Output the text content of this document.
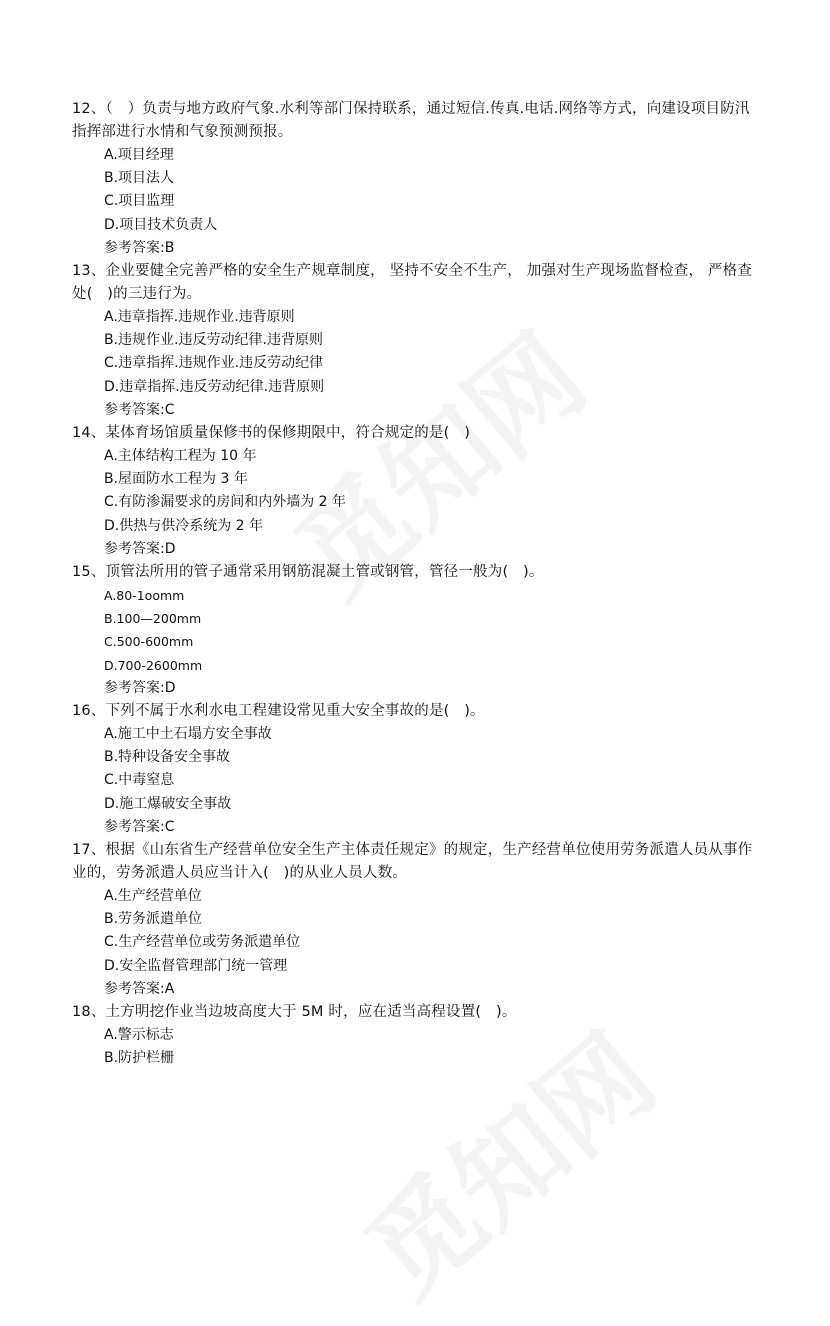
12、（　）负责与地方政府气象.水利等部门保持联系，通过短信.传真.电话.网络等方式，向建设项目防汛指挥部进行水情和气象预测预报。

A.项目经理

B.项目法人

C.项目监理

D.项目技术负责人

参考答案:B

13、企业要健全完善严格的安全生产规章制度， 坚持不安全不生产， 加强对生产现场监督检查， 严格查处(　)的三违行为。

A.违章指挥.违规作业.违背原则

B.违规作业.违反劳动纪律.违背原则

C.违章指挥.违规作业.违反劳动纪律

D.违章指挥.违反劳动纪律.违背原则

参考答案:C

14、某体育场馆质量保修书的保修期限中，符合规定的是(　)

A.主体结构工程为 10 年

B.屋面防水工程为 3 年

C.有防渗漏要求的房间和内外墙为 2 年

D.供热与供冷系统为 2 年

参考答案:D

15、顶管法所用的管子通常采用钢筋混凝土管或钢管，管径一般为(　)。

A.80-1oomm

B.100—200mm

C.500-600mm

D.700-2600mm

参考答案:D

16、下列不属于水利水电工程建设常见重大安全事故的是(　)。

A.施工中土石塌方安全事故

B.特种设备安全事故

C.中毒窒息

D.施工爆破安全事故

参考答案:C

17、根据《山东省生产经营单位安全生产主体责任规定》的规定，生产经营单位使用劳务派遣人员从事作业的，劳务派遣人员应当计入(　)的从业人员人数。

A.生产经营单位

B.劳务派遣单位

C.生产经营单位或劳务派遣单位

D.安全监督管理部门统一管理

参考答案:A

18、土方明挖作业当边坡高度大于 5M 时，应在适当高程设置(　)。

A.警示标志

B.防护栏栅
